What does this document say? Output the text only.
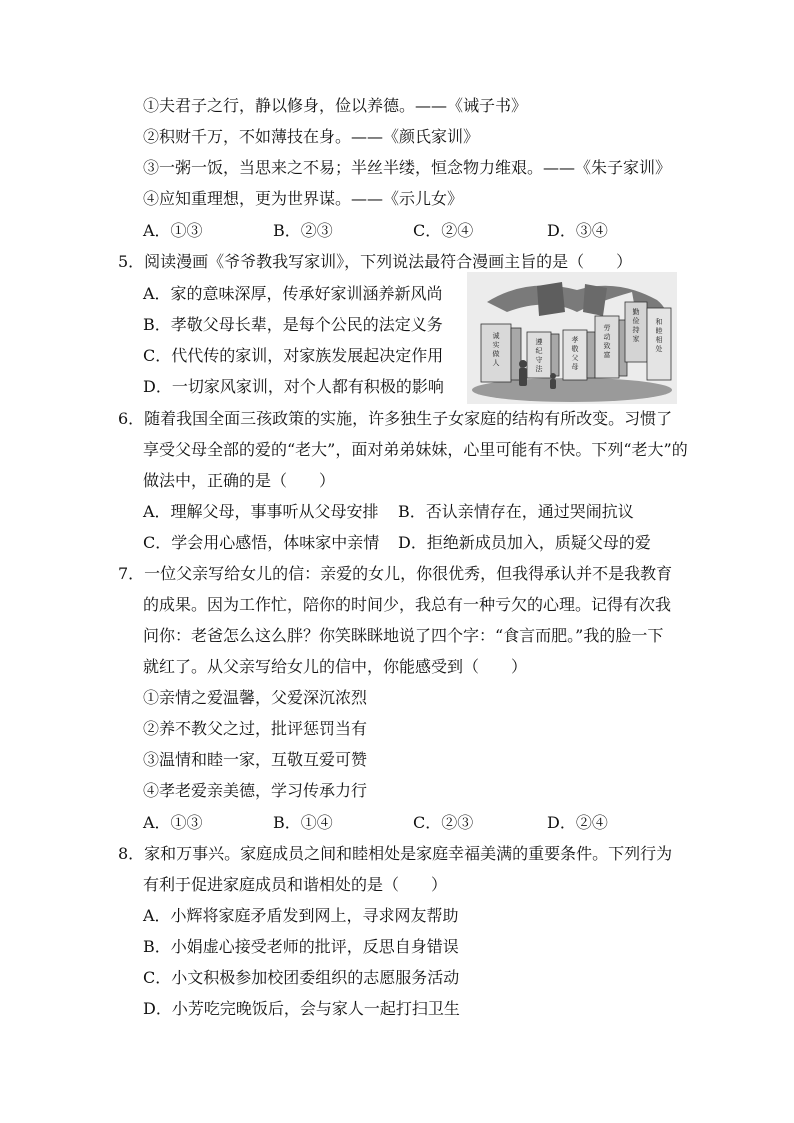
①夫君子之行，静以修身，俭以养德。——《诫子书》
②积财千万，不如薄技在身。——《颜氏家训》
③一粥一饭，当思来之不易；半丝半缕，恒念物力维艰。——《朱子家训》
④应知重理想，更为世界谋。——《示儿女》
A．①③	B．②③	C．②④	D．③④
5．阅读漫画《爷爷教我写家训》，下列说法最符合漫画主旨的是（　　）
A．家的意味深厚，传承好家训涵养新风尚
B．孝敬父母长辈，是每个公民的法定义务
C．代代传的家训，对家族发展起决定作用
D．一切家风家训，对个人都有积极的影响
诚实做人
遵纪守法
孝敬父母
劳动致富
勤俭持家
和睦相处
6．随着我国全面三孩政策的实施，许多独生子女家庭的结构有所改变。习惯了
享受父母全部的爱的“老大”，面对弟弟妹妹，心里可能有不快。下列“老大”的
做法中，正确的是（　　）
A．理解父母，事事听从父母安排 B．否认亲情存在，通过哭闹抗议
C．学会用心感悟，体味家中亲情 D．拒绝新成员加入，质疑父母的爱
7．一位父亲写给女儿的信：亲爱的女儿，你很优秀，但我得承认并不是我教育
的成果。因为工作忙，陪你的时间少，我总有一种亏欠的心理。记得有次我
问你：老爸怎么这么胖？你笑眯眯地说了四个字：“食言而肥。”我的脸一下
就红了。从父亲写给女儿的信中，你能感受到（　　）
①亲情之爱温馨，父爱深沉浓烈
②养不教父之过，批评惩罚当有
③温情和睦一家，互敬互爱可赞
④孝老爱亲美德，学习传承力行
A．①③	B．①④	C．②③	D．②④
8．家和万事兴。家庭成员之间和睦相处是家庭幸福美满的重要条件。下列行为
有利于促进家庭成员和谐相处的是（　　）
A．小辉将家庭矛盾发到网上，寻求网友帮助
B．小娟虚心接受老师的批评，反思自身错误
C．小文积极参加校团委组织的志愿服务活动
D．小芳吃完晚饭后，会与家人一起打扫卫生
